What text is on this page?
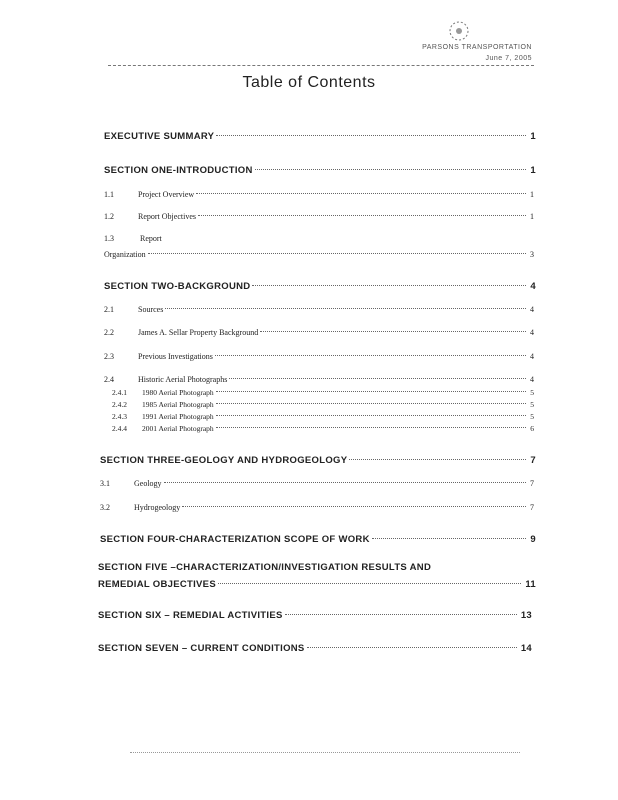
PARSONS TRANSPORTATION
June 7, 2005
Table of Contents
EXECUTIVE SUMMARY	1
SECTION ONE-INTRODUCTION	1
1.1	Project Overview	1
1.2	Report Objectives	1
1.3	Report
Organization	3
SECTION TWO-BACKGROUND	4
2.1	Sources	4
2.2	James A. Sellar Property Background	4
2.3	Previous Investigations	4
2.4	Historic Aerial Photographs	4
2.4.1	1980 Aerial Photograph	5
2.4.2	1985 Aerial Photograph	5
2.4.3	1991 Aerial Photograph	5
2.4.4	2001 Aerial Photograph	6
SECTION THREE-GEOLOGY AND HYDROGEOLOGY	7
3.1	Geology	7
3.2	Hydrogeology	7
SECTION FOUR-CHARACTERIZATION SCOPE OF WORK	9
SECTION FIVE –CHARACTERIZATION/INVESTIGATION RESULTS AND
REMEDIAL OBJECTIVES	11
SECTION SIX – REMEDIAL ACTIVITIES	13
SECTION SEVEN – CURRENT CONDITIONS	14
